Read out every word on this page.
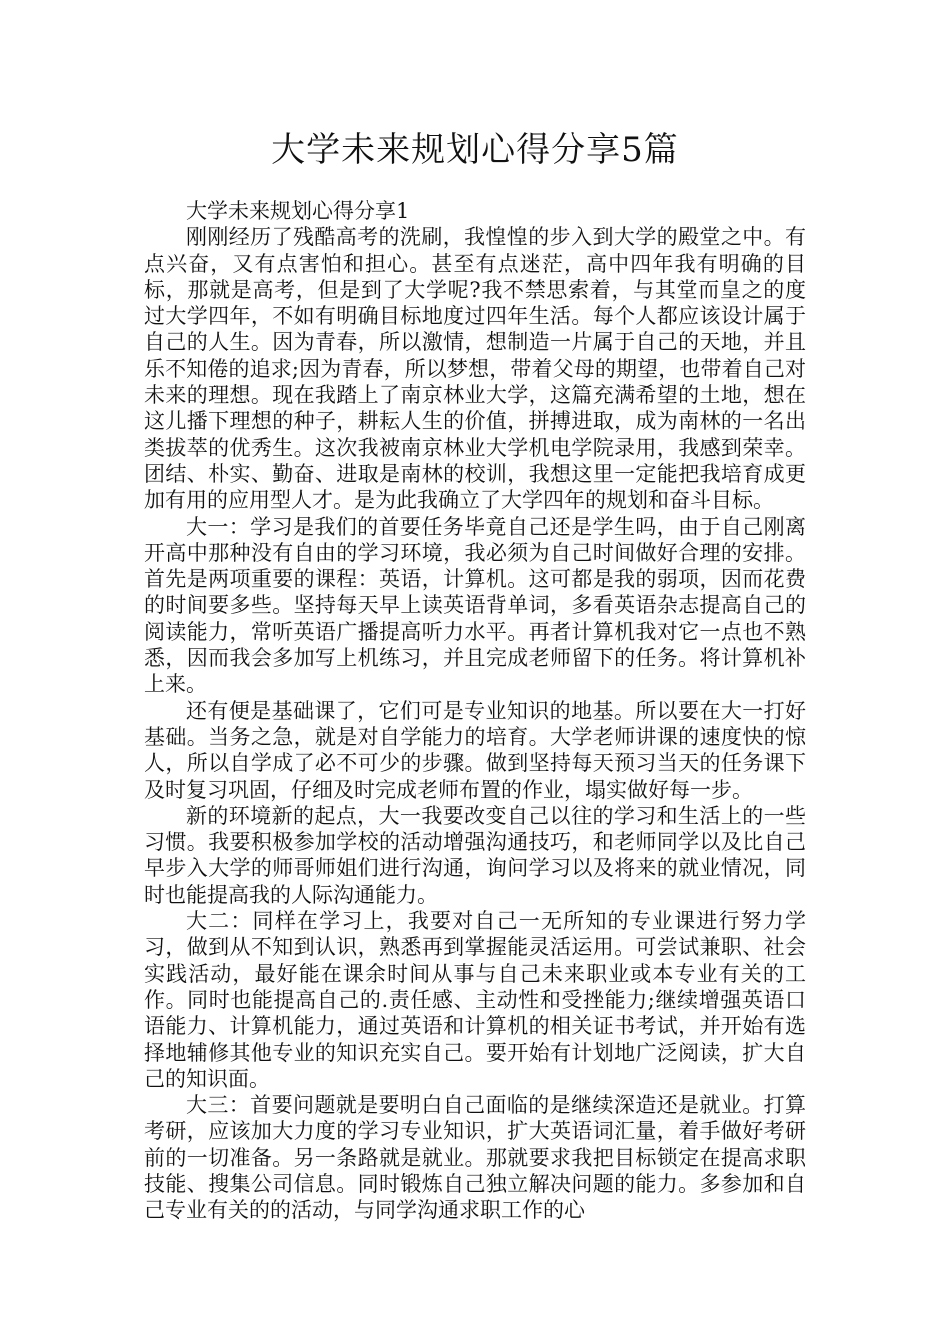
大学未来规划心得分享5篇

大学未来规划心得分享1

刚刚经历了残酷高考的洗刷，我惶惶的步入到大学的殿堂之中。有点兴奋，又有点害怕和担心。甚至有点迷茫，高中四年我有明确的目标，那就是高考，但是到了大学呢?我不禁思索着，与其堂而皇之的度过大学四年，不如有明确目标地度过四年生活。每个人都应该设计属于自己的人生。因为青春，所以激情，想制造一片属于自己的天地，并且乐不知倦的追求;因为青春，所以梦想，带着父母的期望，也带着自己对未来的理想。现在我踏上了南京林业大学，这篇充满希望的土地，想在这儿播下理想的种子，耕耘人生的价值，拼搏进取，成为南林的一名出类拔萃的优秀生。这次我被南京林业大学机电学院录用，我感到荣幸。团结、朴实、勤奋、进取是南林的校训，我想这里一定能把我培育成更加有用的应用型人才。是为此我确立了大学四年的规划和奋斗目标。

大一：学习是我们的首要任务毕竟自己还是学生吗，由于自己刚离开高中那种没有自由的学习环境，我必须为自己时间做好合理的安排。首先是两项重要的课程：英语，计算机。这可都是我的弱项，因而花费的时间要多些。坚持每天早上读英语背单词，多看英语杂志提高自己的阅读能力，常听英语广播提高听力水平。再者计算机我对它一点也不熟悉，因而我会多加写上机练习，并且完成老师留下的任务。将计算机补上来。

还有便是基础课了，它们可是专业知识的地基。所以要在大一打好基础。当务之急，就是对自学能力的培育。大学老师讲课的速度快的惊人，所以自学成了必不可少的步骤。做到坚持每天预习当天的任务课下及时复习巩固，仔细及时完成老师布置的作业，塌实做好每一步。

新的环境新的起点，大一我要改变自己以往的学习和生活上的一些习惯。我要积极参加学校的活动增强沟通技巧，和老师同学以及比自己早步入大学的师哥师姐们进行沟通，询问学习以及将来的就业情况，同时也能提高我的人际沟通能力。

大二：同样在学习上，我要对自己一无所知的专业课进行努力学习，做到从不知到认识，熟悉再到掌握能灵活运用。可尝试兼职、社会实践活动，最好能在课余时间从事与自己未来职业或本专业有关的工作。同时也能提高自己的.责任感、主动性和受挫能力;继续增强英语口语能力、计算机能力，通过英语和计算机的相关证书考试，并开始有选择地辅修其他专业的知识充实自己。要开始有计划地广泛阅读，扩大自己的知识面。

大三：首要问题就是要明白自己面临的是继续深造还是就业。打算考研，应该加大力度的学习专业知识，扩大英语词汇量，着手做好考研前的一切准备。另一条路就是就业。那就要求我把目标锁定在提高求职技能、搜集公司信息。同时锻炼自己独立解决问题的能力。多参加和自己专业有关的的活动，与同学沟通求职工作的心
